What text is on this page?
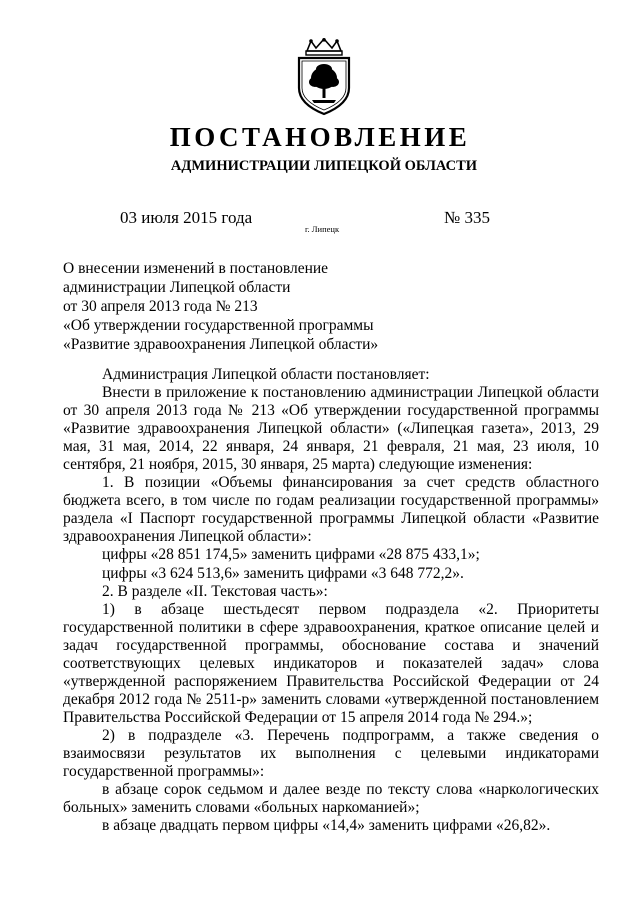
ПОСТАНОВЛЕНИЕ
АДМИНИСТРАЦИИ ЛИПЕЦКОЙ ОБЛАСТИ
03 июля 2015 года
г. Липецк
№ 335
О внесении изменений в постановление
администрации Липецкой области
от 30 апреля 2013 года № 213
«Об утверждении государственной программы
«Развитие здравоохранения Липецкой области»

Администрация Липецкой области постановляет:

Внести в приложение к постановлению администрации Липецкой области от 30 апреля 2013 года № 213 «Об утверждении государственной программы «Развитие здравоохранения Липецкой области» («Липецкая газета», 2013, 29 мая, 31 мая, 2014, 22 января, 24 января, 21 февраля, 21 мая, 23 июля, 10 сентября, 21 ноября, 2015, 30 января, 25 марта) следующие изменения:

1. В позиции «Объемы финансирования за счет средств областного бюджета всего, в том числе по годам реализации государственной программы» раздела «I Паспорт государственной программы Липецкой области «Развитие здравоохранения Липецкой области»:

цифры «28 851 174,5» заменить цифрами «28 875 433,1»;

цифры «3 624 513,6» заменить цифрами «3 648 772,2».

2. В разделе «II. Текстовая часть»:

1) в абзаце шестьдесят первом подраздела «2. Приоритеты государственной политики в сфере здравоохранения, краткое описание целей и задач государственной программы, обоснование состава и значений соответствующих целевых индикаторов и показателей задач» слова «утвержденной распоряжением Правительства Российской Федерации от 24 декабря 2012 года № 2511-р» заменить словами «утвержденной постановлением Правительства Российской Федерации от 15 апреля 2014 года № 294.»;

2) в подразделе «3. Перечень подпрограмм, а также сведения о взаимосвязи результатов их выполнения с целевыми индикаторами государственной программы»:

в абзаце сорок седьмом и далее везде по тексту слова «наркологических больных» заменить словами «больных наркоманией»;

в абзаце двадцать первом цифры «14,4» заменить цифрами «26,82».
